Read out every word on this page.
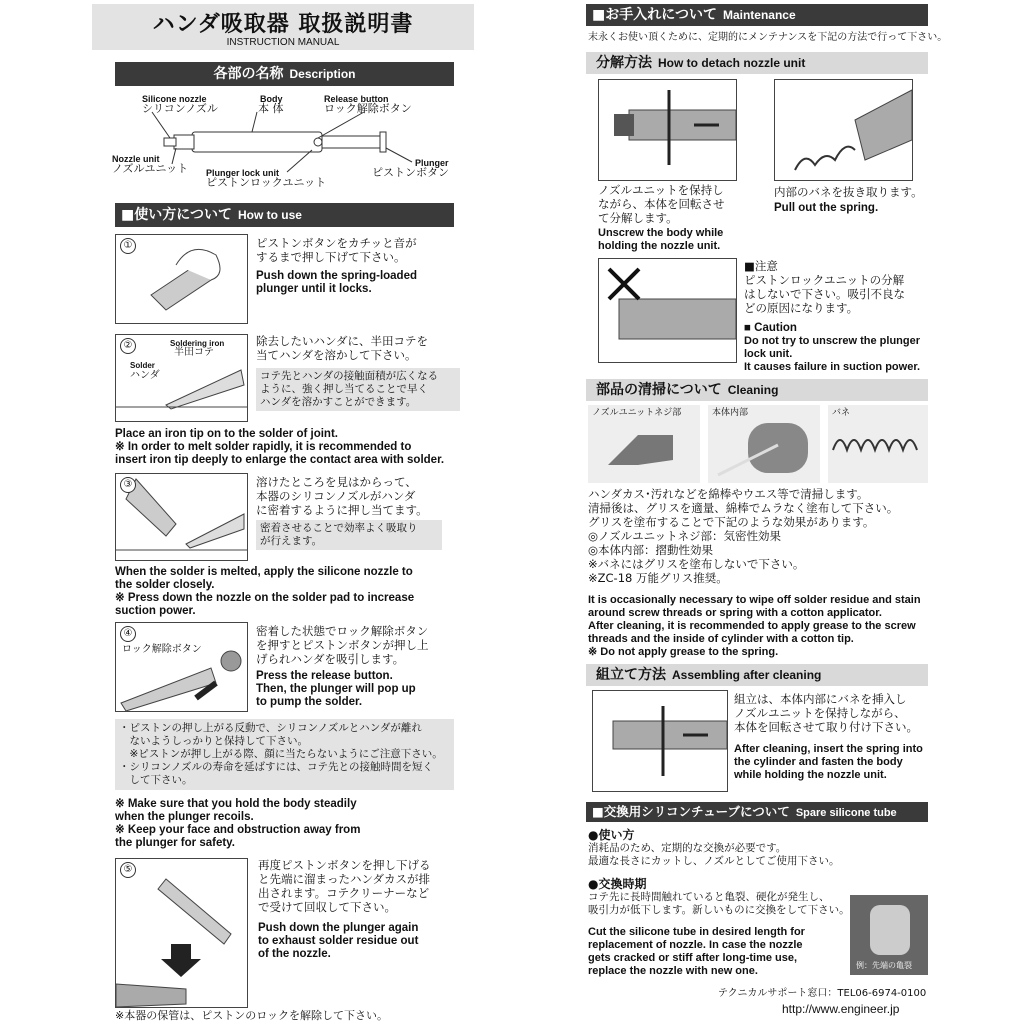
ハンダ吸取器 取扱説明書
INSTRUCTION MANUAL
各部の名称 Description
Silicone nozzle
シリコンノズル
Body
本 体
Release button
ロック解除ボタン
Nozzle unit
ノズルユニット Plunger lock unit
ピストンロックユニット
Plunger
ピストンボタン
■使い方について How to use
①	ピストンボタンをカチッと音が
するまで押し下げて下さい。
Push down the spring-loaded
plunger until it locks.
②	Soldering iron
半田コテ
Solder
ハンダ
除去したいハンダに、半田コテを
当てハンダを溶かして下さい。
コテ先とハンダの接触面積が広くなる
ように、強く押し当てることで早く
ハンダを溶かすことができます。
Place an iron tip on to the solder of joint.
※ In order to melt solder rapidly, it is recommended to
insert iron tip deeply to enlarge the contact area with solder.
③	溶けたところを見はからって、
本器のシリコンノズルがハンダ
に密着するように押し当てます。
密着させることで効率よく吸取り
が行えます。
When the solder is melted, apply the silicone nozzle to
the solder closely.
※ Press down the nozzle on the solder pad to increase
suction power.
④
ロック解除ボタン
密着した状態でロック解除ボタン
を押すとピストンボタンが押し上
げられハンダを吸引します。
Press the release button.
Then, the plunger will pop up
to pump the solder.
・ピストンの押し上がる反動で、シリコンノズルとハンダが離れ
　ないようしっかりと保持して下さい。
　※ピストンが押し上がる際、顔に当たらないようにご注意下さい。
・シリコンノズルの寿命を延ばすには、コテ先との接触時間を短く
　して下さい。
※ Make sure that you hold the body steadily
when the plunger recoils.
※ Keep your face and obstruction away from
the plunger for safety.
⑤	再度ピストンボタンを押し下げる
と先端に溜まったハンダカスが排
出されます。コテクリーナーなど
で受けて回収して下さい。
Push down the plunger again
to exhaust solder residue out
of the nozzle.
※本器の保管は、ピストンのロックを解除して下さい。
■お手入れについて Maintenance
末永くお使い頂くために、定期的にメンテナンスを下記の方法で行って下さい。
分解方法 How to detach nozzle unit
ノズルユニットを保持し
ながら、本体を回転させ
て分解します。
Unscrew the body while
holding the nozzle unit.
内部のバネを抜き取ります。
Pull out the spring.
■注意
ピストンロックユニットの分解
はしないで下さい。吸引不良な
どの原因になります。
■ Caution
Do not try to unscrew the plunger
lock unit.
It causes failure in suction power.
部品の清掃について Cleaning
ノズルユニットネジ部	本体内部	バネ
ハンダカス･汚れなどを綿棒やウエス等で清掃します。
清掃後は、グリスを適量、綿棒でムラなく塗布して下さい。
グリスを塗布することで下記のような効果があります。
◎ノズルユニットネジ部：気密性効果
◎本体内部：摺動性効果
※バネにはグリスを塗布しないで下さい。
※ZC-18 万能グリス推奨。
It is occasionally necessary to wipe off solder residue and stain
around screw threads or spring with a cotton applicator.
After cleaning, it is recommended to apply grease to the screw
threads and the inside of cylinder with a cotton tip.
※ Do not apply grease to the spring.
組立て方法 Assembling after cleaning
組立は、本体内部にバネを挿入し
ノズルユニットを保持しながら、
本体を回転させて取り付け下さい。
After cleaning, insert the spring into
the cylinder and fasten the body
while holding the nozzle unit.
■交換用シリコンチューブについて Spare silicone tube
●使い方
消耗品のため、定期的な交換が必要です。
最適な長さにカットし、ノズルとしてご使用下さい。
●交換時期
コテ先に長時間触れていると亀裂、硬化が発生し、
吸引力が低下します。新しいものに交換をして下さい。
Cut the silicone tube in desired length for
replacement of nozzle. In case the nozzle
gets cracked or stiff after long-time use,
replace the nozzle with new one.	例：先端の亀裂
テクニカルサポート窓口：TEL06-6974-0100
http://www.engineer.jp
